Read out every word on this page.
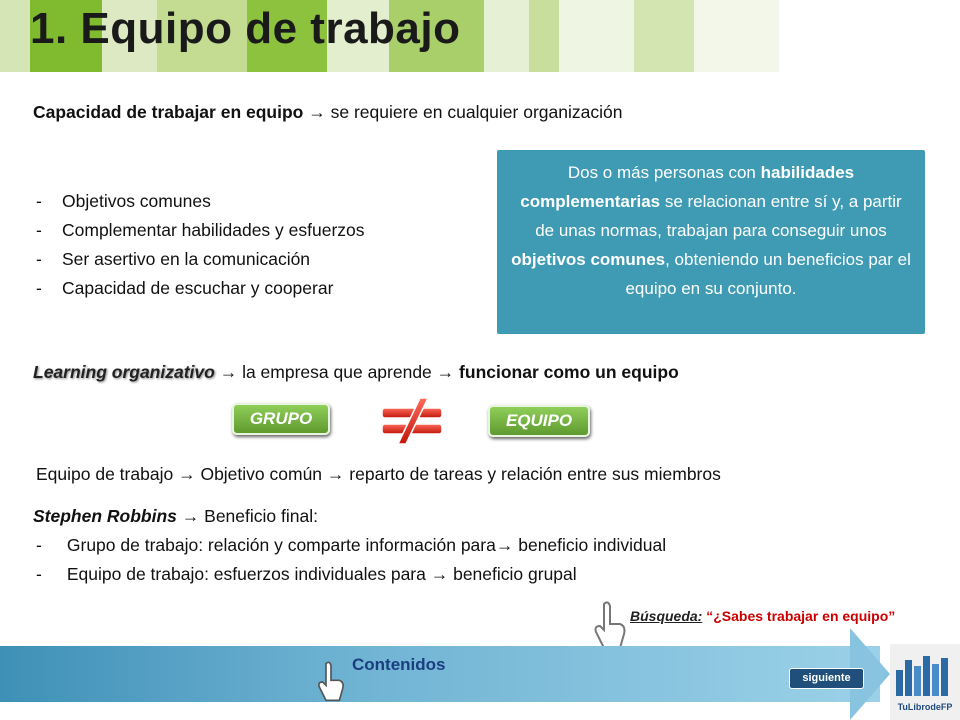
1. Equipo de trabajo
Capacidad de trabajar en equipo → se requiere en cualquier organización
- Objetivos comunes
- Complementar habilidades y esfuerzos
- Ser asertivo en la comunicación
- Capacidad de escuchar y cooperar
Dos o más personas con habilidades complementarias se relacionan entre sí y, a partir de unas normas, trabajan para conseguir unos objetivos comunes, obteniendo un beneficios par el equipo en su conjunto.
Learning organizativo → la empresa que aprende → funcionar como un equipo
GRUPO	EQUIPO
Equipo de trabajo → Objetivo común → reparto de tareas y relación entre sus miembros
Stephen Robbins → Beneficio final:
- Grupo de trabajo: relación y comparte información para→ beneficio individual
- Equipo de trabajo: esfuerzos individuales para → beneficio grupal
Búsqueda: “¿Sabes trabajar en equipo”
Contenidos
siguiente
TuLibrodeFP
